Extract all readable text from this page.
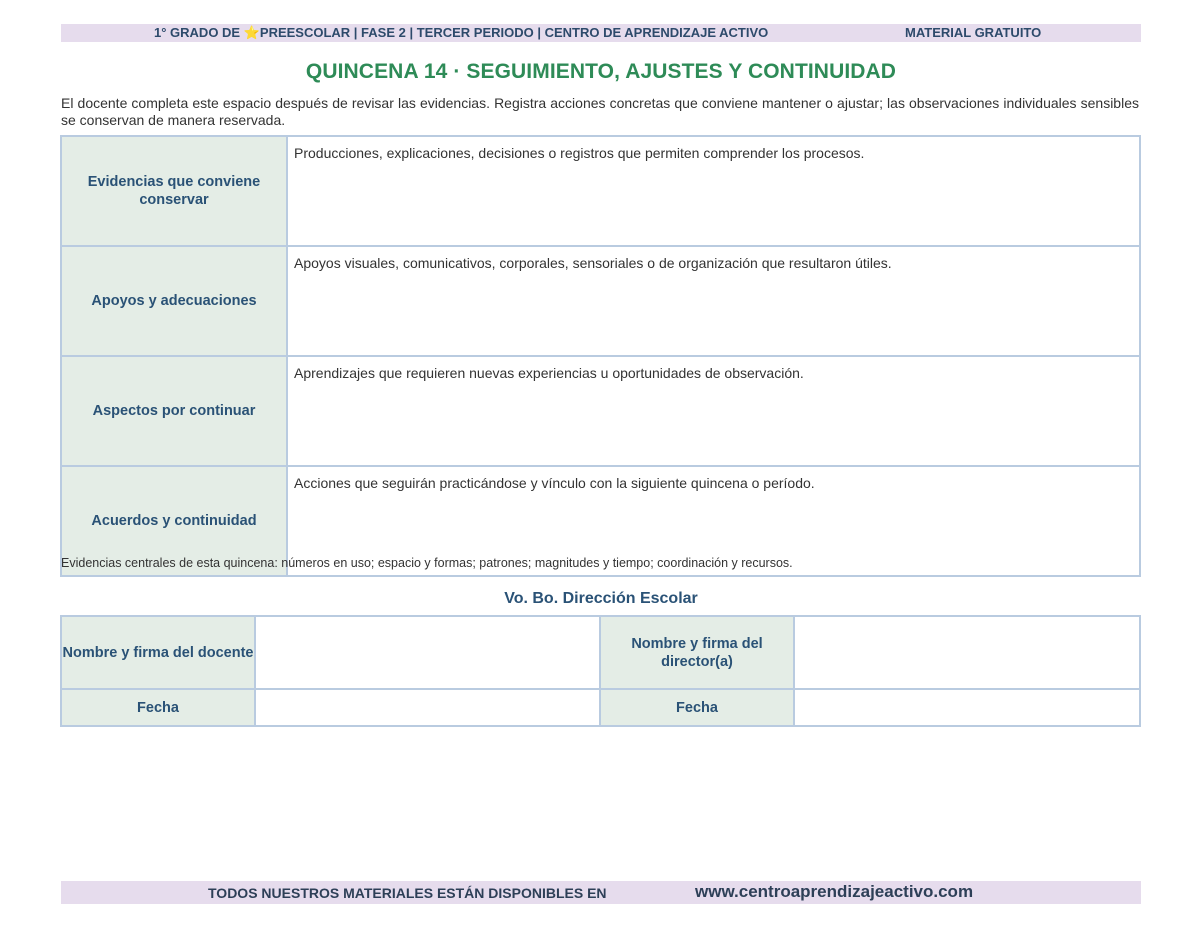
1° GRADO DE ⭐PREESCOLAR | FASE 2 | TERCER PERIODO | CENTRO DE APRENDIZAJE ACTIVO	MATERIAL GRATUITO
QUINCENA 14 · SEGUIMIENTO, AJUSTES Y CONTINUIDAD
El docente completa este espacio después de revisar las evidencias. Registra acciones concretas que conviene mantener o ajustar; las observaciones individuales sensibles se conservan de manera reservada.
Evidencias que conviene conservar	Producciones, explicaciones, decisiones o registros que permiten comprender los procesos.
Apoyos y adecuaciones	Apoyos visuales, comunicativos, corporales, sensoriales o de organización que resultaron útiles.
Aspectos por continuar	Aprendizajes que requieren nuevas experiencias u oportunidades de observación.
Acuerdos y continuidad	Acciones que seguirán practicándose y vínculo con la siguiente quincena o período.
Evidencias centrales de esta quincena: números en uso; espacio y formas; patrones; magnitudes y tiempo; coordinación y recursos.
Vo. Bo. Dirección Escolar
Nombre y firma del docente		Nombre y firma del director(a)	
Fecha		Fecha	
TODOS NUESTROS MATERIALES ESTÁN DISPONIBLES EN	www.centroaprendizajeactivo.com
